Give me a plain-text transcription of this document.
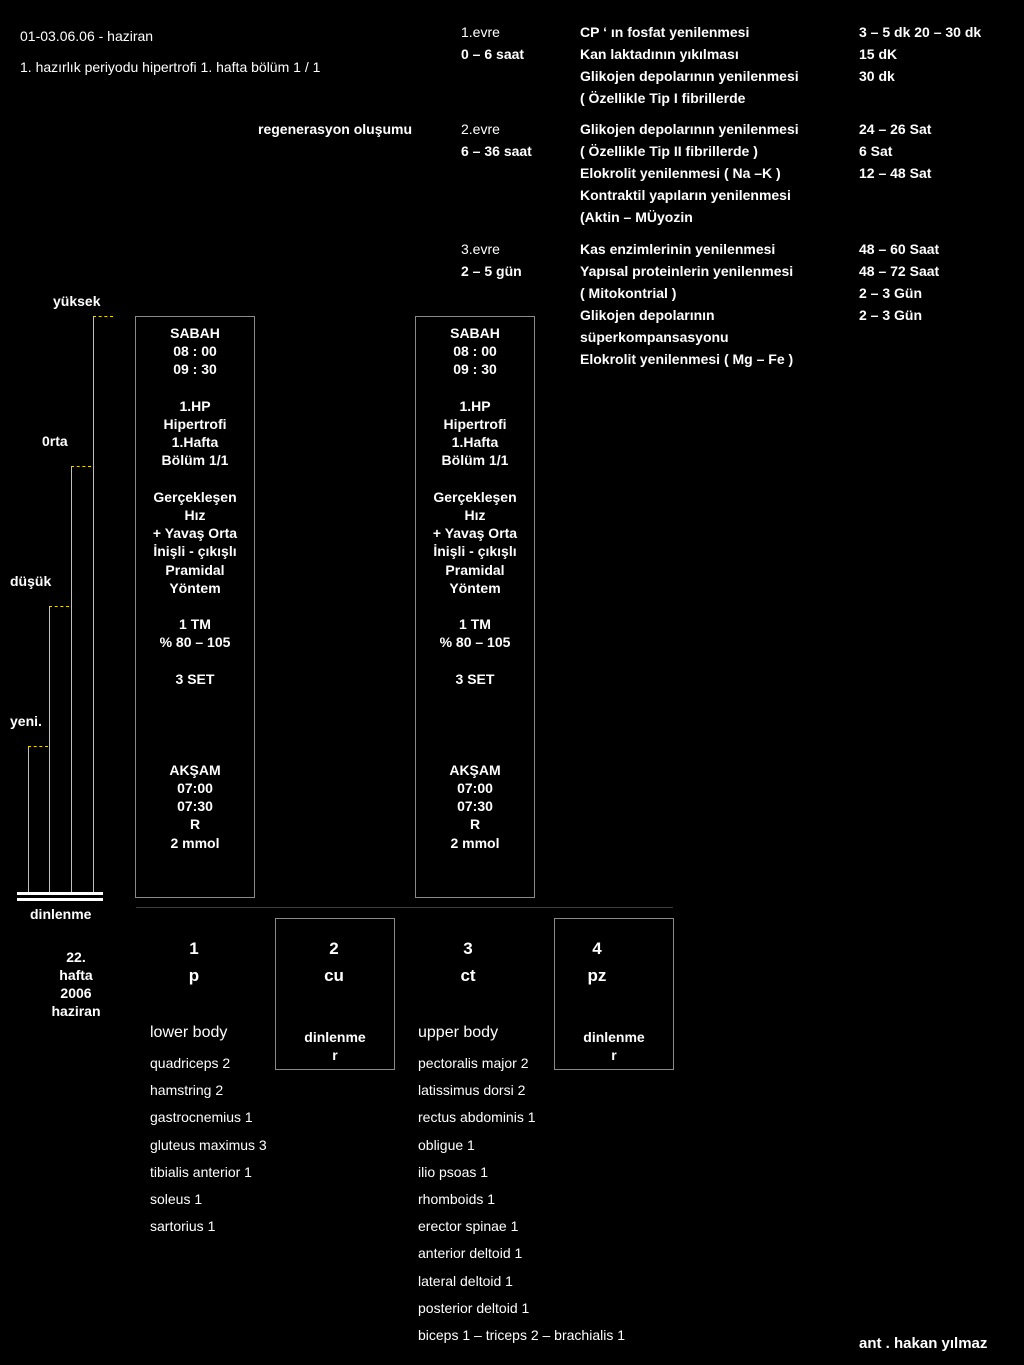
01-03.06.06 - haziran
1. hazırlık periyodu hipertrofi 1. hafta bölüm 1 / 1
regenerasyon oluşumu
1.evre
0 – 6 saat
CP ‘ ın fosfat yenilenmesi
Kan laktadının yıkılması
Glikojen depolarının yenilenmesi
( Özellikle Tip I fibrillerde
3 – 5 dk 20 – 30 dk
15 dK
30 dk
2.evre
6 – 36 saat
Glikojen depolarının yenilenmesi
( Özellikle Tip II fibrillerde )
Elokrolit yenilenmesi ( Na –K )
Kontraktil yapıların yenilenmesi
(Aktin – MÜyozin
24 – 26 Sat
6 Sat
12 – 48 Sat
3.evre
2 – 5 gün
Kas enzimlerinin yenilenmesi
Yapısal proteinlerin yenilenmesi
( Mitokontrial )
Glikojen depolarının
süperkompansasyonu
Elokrolit yenilenmesi ( Mg – Fe )
48 – 60 Saat
48 – 72 Saat
2 – 3 Gün
2 – 3 Gün
yüksek
0rta
düşük
yeni.
dinlenme
22.
hafta
2006
haziran
SABAH
08 : 00
09 : 30
1.HP
Hipertrofi
1.Hafta
Bölüm 1/1
Gerçekleşen
Hız
+ Yavaş Orta
İnişli - çıkışlı
Pramidal
Yöntem
1 TM
% 80 – 105
3 SET
AKŞAM
07:00
07:30
R
2 mmol
SABAH
08 : 00
09 : 30
1.HP
Hipertrofi
1.Hafta
Bölüm 1/1
Gerçekleşen
Hız
+ Yavaş Orta
İnişli - çıkışlı
Pramidal
Yöntem
1 TM
% 80 – 105
3 SET
AKŞAM
07:00
07:30
R
2 mmol
dinlenme
r
dinlenme
r
1
p
2
cu
3
ct
4
pz
lower body
quadriceps 2
hamstring 2
gastrocnemius 1
gluteus maximus 3
tibialis anterior 1
soleus 1
sartorius 1
upper body
pectoralis major 2
latissimus dorsi 2
rectus abdominis 1
obligue 1
ilio psoas 1
rhomboids 1
erector spinae 1
anterior deltoid 1
lateral deltoid 1
posterior deltoid 1
biceps 1 – triceps 2 – brachialis 1
ant . hakan yılmaz
